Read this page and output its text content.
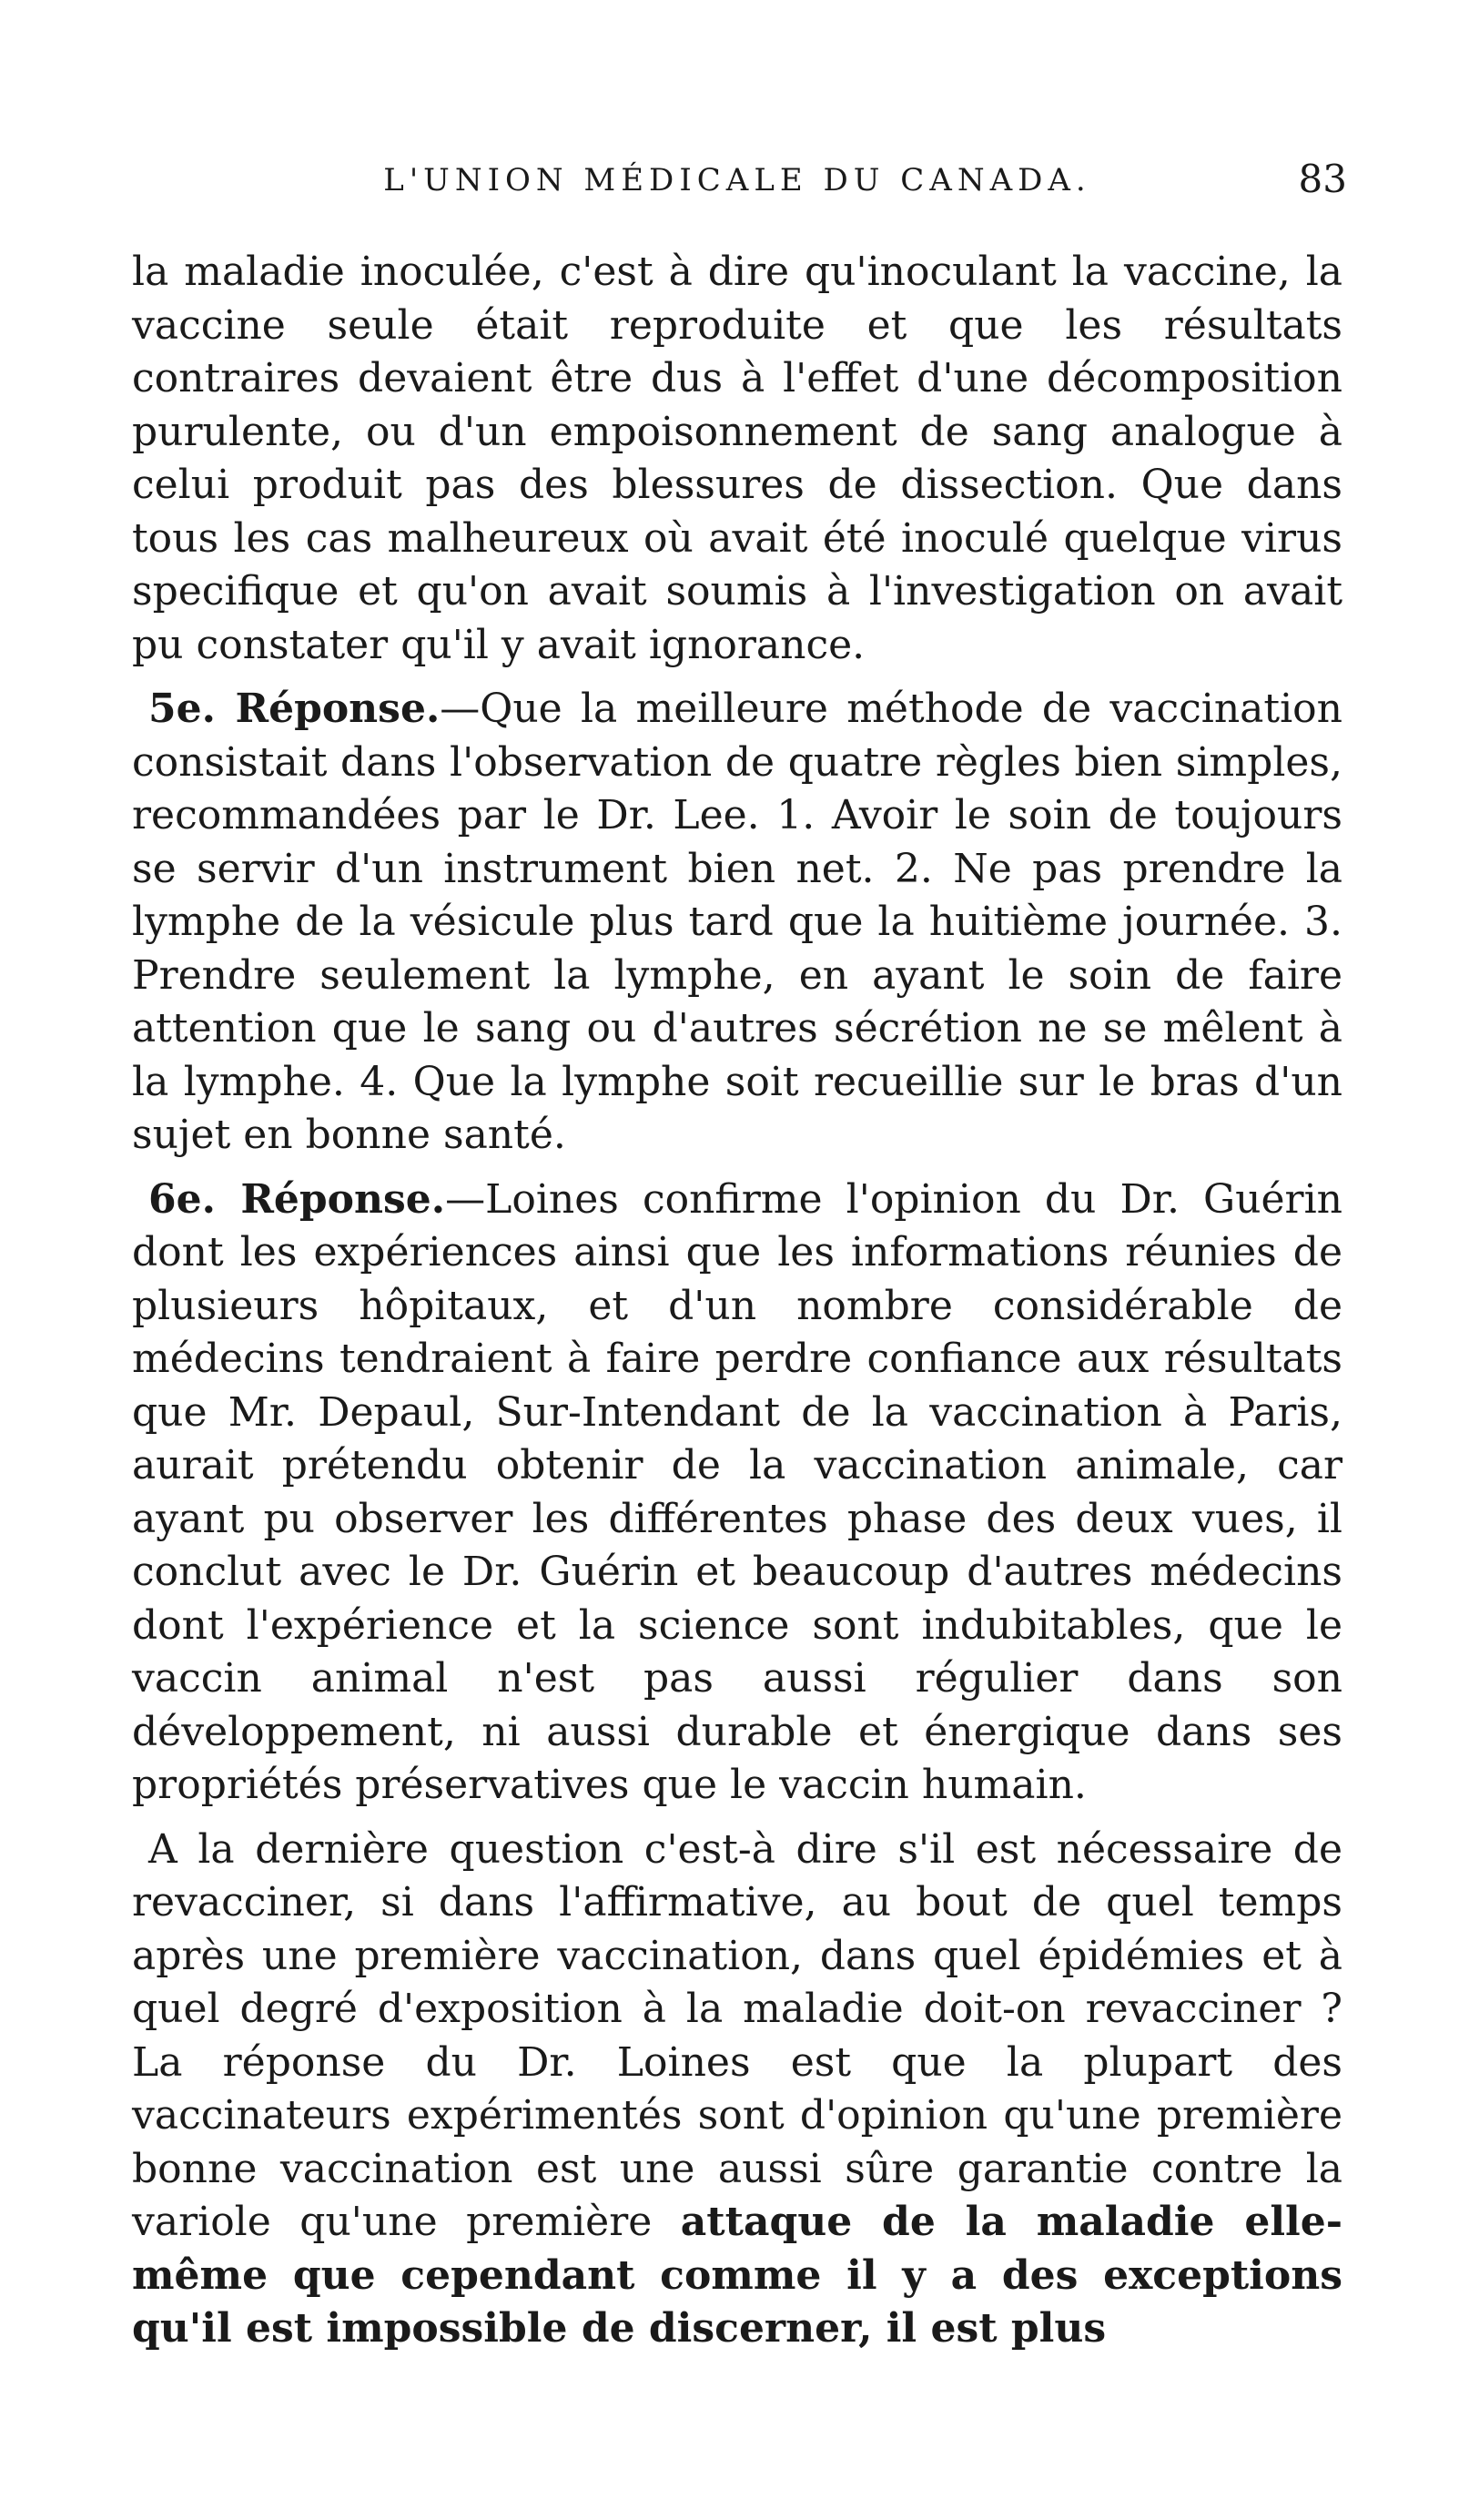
L'UNION MÉDICALE DU CANADA.	83

la maladie inoculée, c'est à dire qu'inoculant la vaccine, la vaccine seule était reproduite et que les résultats contraires devaient être dus à l'effet d'une décomposition purulente, ou d'un empoisonnement de sang analogue à celui produit pas des blessures de dissection. Que dans tous les cas malheureux où avait été inoculé quelque virus specifique et qu'on avait soumis à l'investigation on avait pu constater qu'il y avait ignorance.

5e. Réponse.—Que la meilleure méthode de vaccination consistait dans l'observation de quatre règles bien simples, recommandées par le Dr. Lee. 1. Avoir le soin de toujours se servir d'un instrument bien net. 2. Ne pas prendre la lymphe de la vésicule plus tard que la huitième journée. 3. Prendre seulement la lymphe, en ayant le soin de faire attention que le sang ou d'autres sécrétion ne se mêlent à la lymphe. 4. Que la lymphe soit recueillie sur le bras d'un sujet en bonne santé.

6e. Réponse.—Loines confirme l'opinion du Dr. Guérin dont les expériences ainsi que les informations réunies de plusieurs hôpitaux, et d'un nombre considérable de médecins tendraient à faire perdre confiance aux résultats que Mr. Depaul, Sur-Intendant de la vaccination à Paris, aurait prétendu obtenir de la vaccination animale, car ayant pu observer les différentes phase des deux vues, il conclut avec le Dr. Guérin et beaucoup d'autres médecins dont l'expérience et la science sont indubitables, que le vaccin animal n'est pas aussi régulier dans son développement, ni aussi durable et énergique dans ses propriétés préservatives que le vaccin humain.

A la dernière question c'est-à dire s'il est nécessaire de revacciner, si dans l'affirmative, au bout de quel temps après une première vaccination, dans quel épidémies et à quel degré d'exposition à la maladie doit-on revacciner ? La réponse du Dr. Loines est que la plupart des vaccinateurs expérimentés sont d'opinion qu'une première bonne vaccination est une aussi sûre garantie contre la variole qu'une première attaque de la maladie elle-même que cependant comme il y a des exceptions qu'il est impossible de discerner, il est plus
